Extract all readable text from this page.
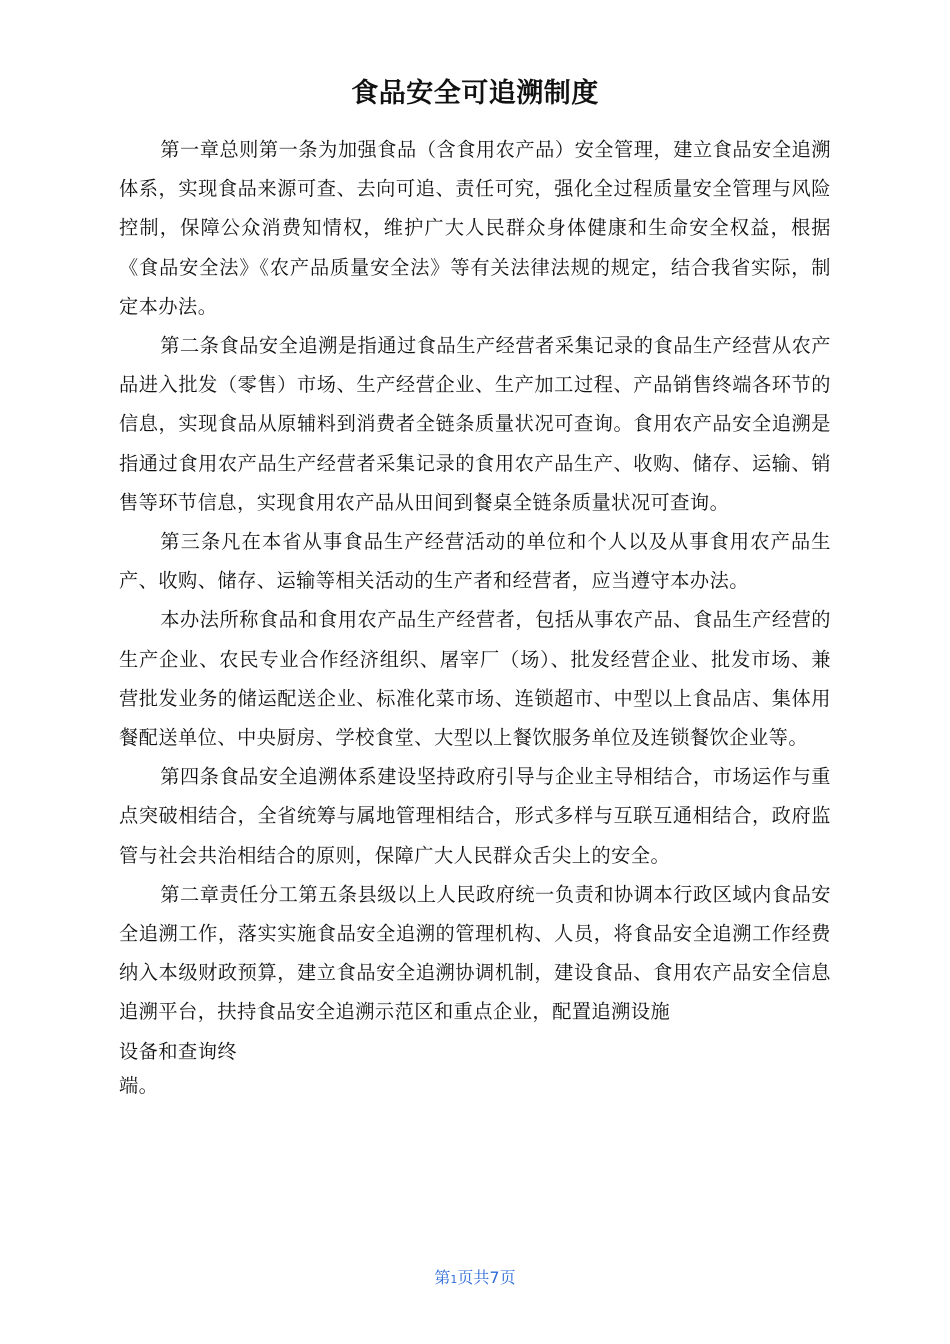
食品安全可追溯制度

第一章总则第一条为加强食品（含食用农产品）安全管理，建立食品安全追溯体系，实现食品来源可查、去向可追、责任可究，强化全过程质量安全管理与风险控制，保障公众消费知情权，维护广大人民群众身体健康和生命安全权益，根据《食品安全法》《农产品质量安全法》等有关法律法规的规定，结合我省实际，制定本办法。

第二条食品安全追溯是指通过食品生产经营者采集记录的食品生产经营从农产品进入批发（零售）市场、生产经营企业、生产加工过程、产品销售终端各环节的信息，实现食品从原辅料到消费者全链条质量状况可查询。食用农产品安全追溯是指通过食用农产品生产经营者采集记录的食用农产品生产、收购、储存、运输、销售等环节信息，实现食用农产品从田间到餐桌全链条质量状况可查询。

第三条凡在本省从事食品生产经营活动的单位和个人以及从事食用农产品生产、收购、储存、运输等相关活动的生产者和经营者，应当遵守本办法。

本办法所称食品和食用农产品生产经营者，包括从事农产品、食品生产经营的生产企业、农民专业合作经济组织、屠宰厂（场）、批发经营企业、批发市场、兼营批发业务的储运配送企业、标准化菜市场、连锁超市、中型以上食品店、集体用餐配送单位、中央厨房、学校食堂、大型以上餐饮服务单位及连锁餐饮企业等。

第四条食品安全追溯体系建设坚持政府引导与企业主导相结合，市场运作与重点突破相结合，全省统筹与属地管理相结合，形式多样与互联互通相结合，政府监管与社会共治相结合的原则，保障广大人民群众舌尖上的安全。

第二章责任分工第五条县级以上人民政府统一负责和协调本行政区域内食品安全追溯工作，落实实施食品安全追溯的管理机构、人员，将食品安全追溯工作经费纳入本级财政预算，建立食品安全追溯协调机制，建设食品、食用农产品安全信息追溯平台，扶持食品安全追溯示范区和重点企业，配置追溯设施

设备和查询终

端。

第1页共7页
